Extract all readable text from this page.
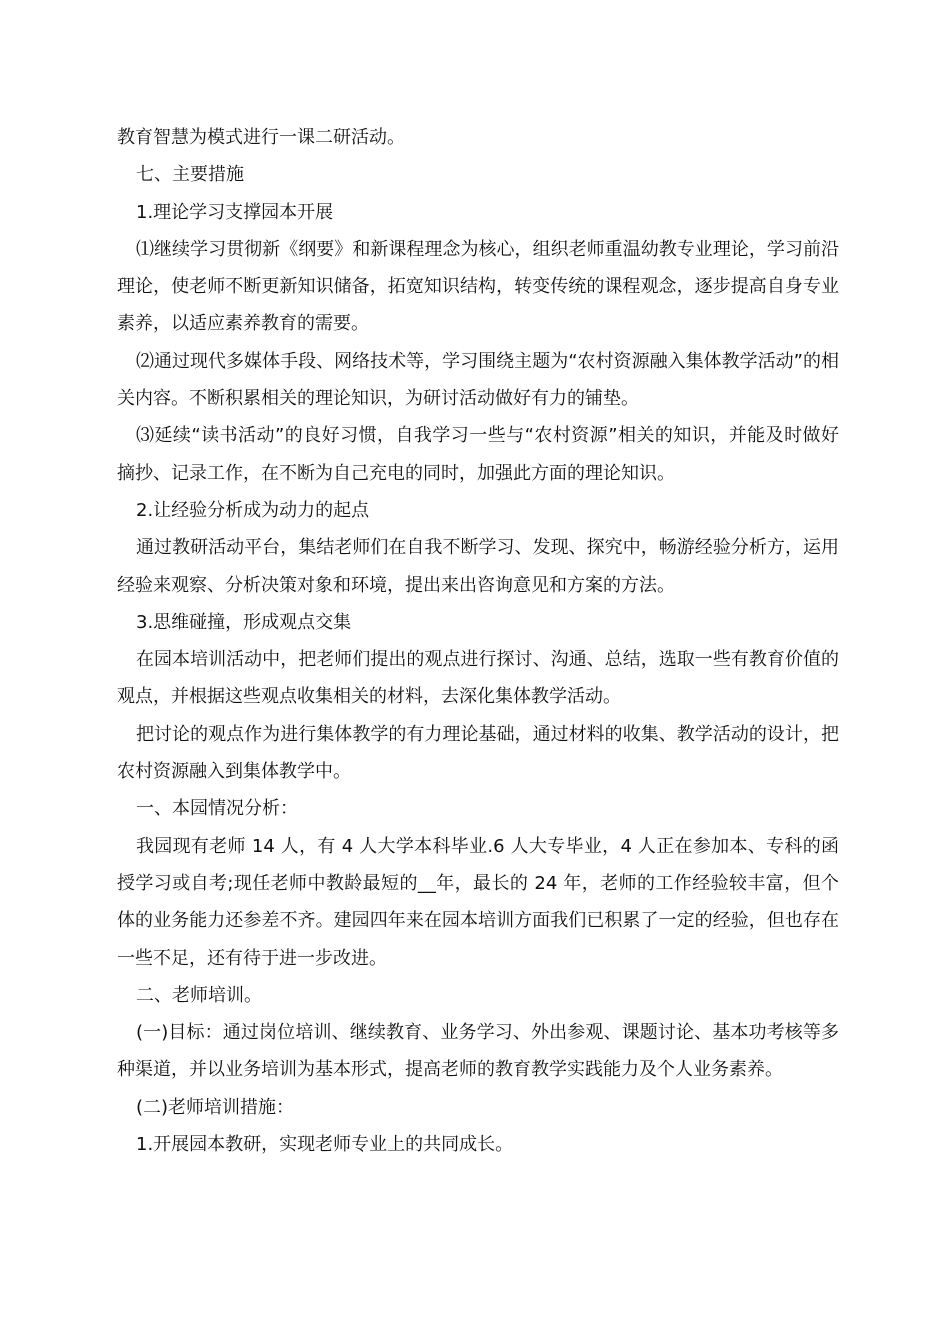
教育智慧为模式进行一课二研活动。

七、主要措施

1.理论学习支撑园本开展

⑴继续学习贯彻新《纲要》和新课程理念为核心，组织老师重温幼教专业理论，学习前沿理论，使老师不断更新知识储备，拓宽知识结构，转变传统的课程观念，逐步提高自身专业素养，以适应素养教育的需要。

⑵通过现代多媒体手段、网络技术等，学习围绕主题为“农村资源融入集体教学活动”的相关内容。不断积累相关的理论知识，为研讨活动做好有力的铺垫。

⑶延续“读书活动”的良好习惯，自我学习一些与“农村资源”相关的知识，并能及时做好摘抄、记录工作，在不断为自己充电的同时，加强此方面的理论知识。

2.让经验分析成为动力的起点

通过教研活动平台，集结老师们在自我不断学习、发现、探究中，畅游经验分析方，运用经验来观察、分析决策对象和环境，提出来出咨询意见和方案的方法。

3.思维碰撞，形成观点交集

在园本培训活动中，把老师们提出的观点进行探讨、沟通、总结，选取一些有教育价值的观点，并根据这些观点收集相关的材料，去深化集体教学活动。

把讨论的观点作为进行集体教学的有力理论基础，通过材料的收集、教学活动的设计，把农村资源融入到集体教学中。

一、本园情况分析：

我园现有老师 14 人，有 4 人大学本科毕业.6 人大专毕业，4 人正在参加本、专科的函授学习或自考;现任老师中教龄最短的__年，最长的 24 年，老师的工作经验较丰富，但个体的业务能力还参差不齐。建园四年来在园本培训方面我们已积累了一定的经验，但也存在一些不足，还有待于进一步改进。

二、老师培训。

(一)目标：通过岗位培训、继续教育、业务学习、外出参观、课题讨论、基本功考核等多种渠道，并以业务培训为基本形式，提高老师的教育教学实践能力及个人业务素养。

(二)老师培训措施：

1.开展园本教研，实现老师专业上的共同成长。
